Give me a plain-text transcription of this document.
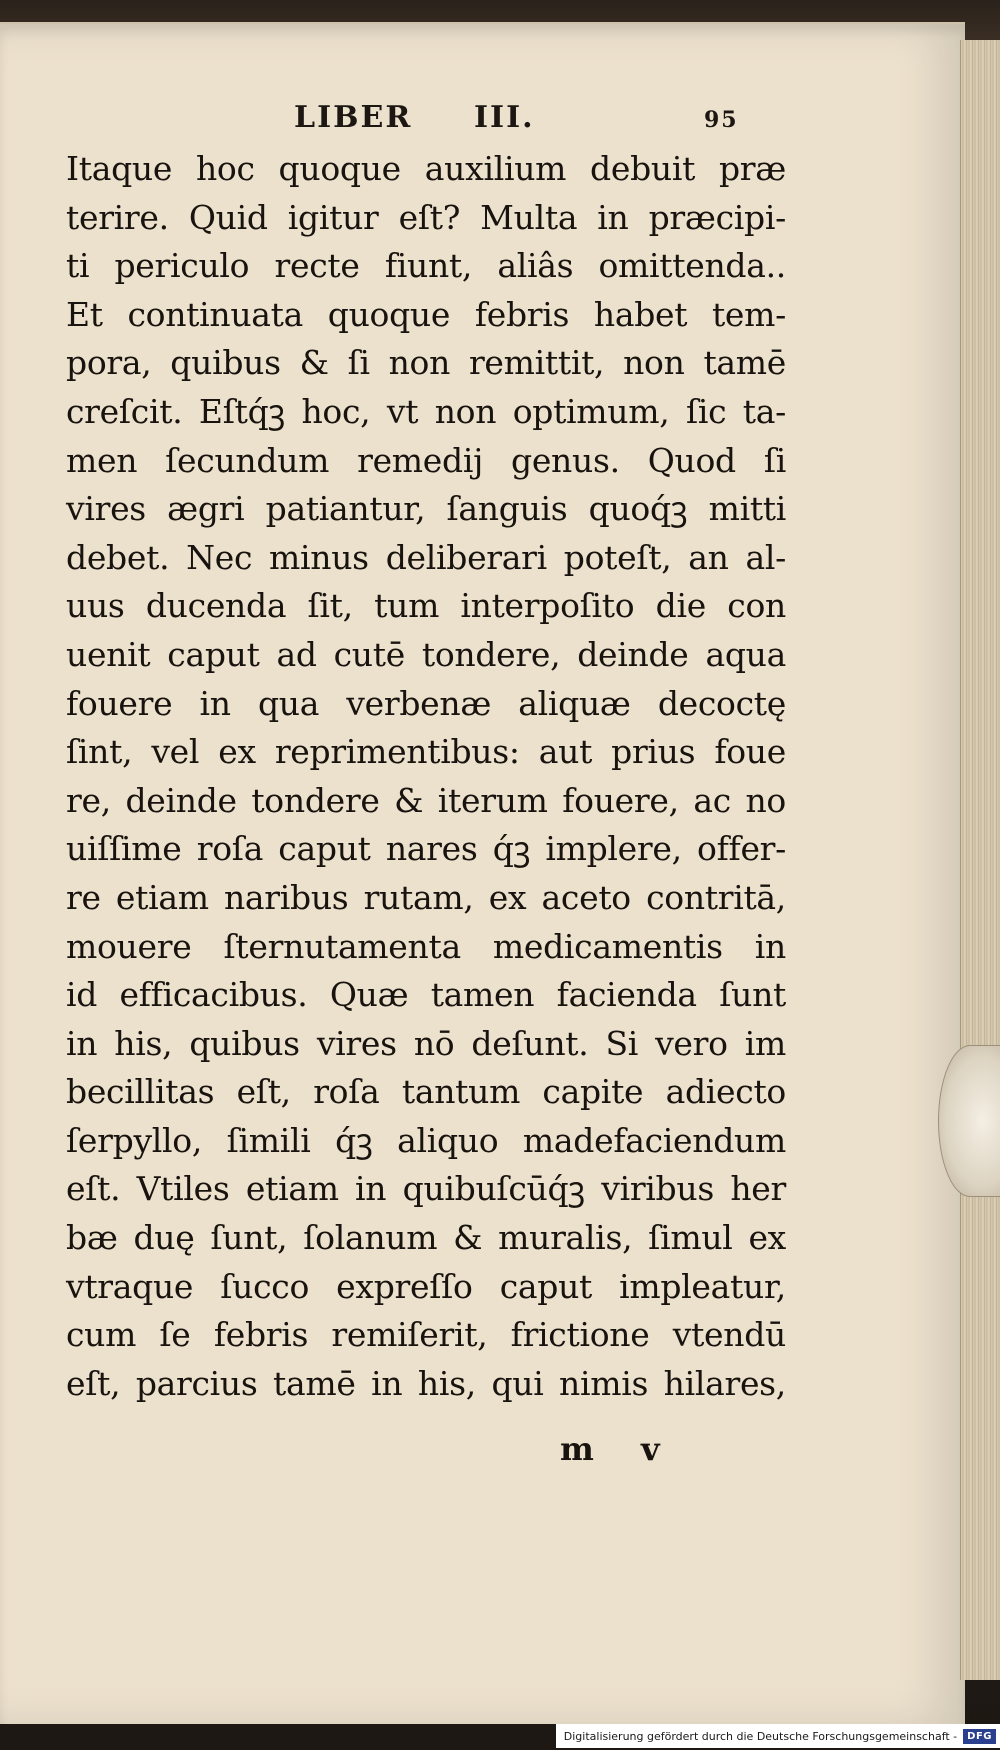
LIBER	III.	95
Itaque hoc quoque auxilium debuit præ
terire. Quid igitur eſt? Multa in præcipi-
ti periculo recte fiunt, aliâs omittenda..
Et continuata quoque febris habet tem-
pora, quibus & ſi non remittit, non tamē
creſcit. Eſtq́ꝫ hoc, vt non optimum, ſic ta-
men ſecundum remedij genus. Quod ſi
vires ægri patiantur, ſanguis quoq́ꝫ mitti
debet. Nec minus deliberari poteſt, an al-
uus ducenda ſit, tum interpoſito die con
uenit caput ad cutē tondere, deinde aqua
fouere in qua verbenæ aliquæ decoctę
ſint, vel ex reprimentibus: aut prius foue
re, deinde tondere & iterum fouere, ac no
uiſſime roſa caput nares q́ꝫ implere, offer-
re etiam naribus rutam, ex aceto contritā,
mouere ſternutamenta medicamentis in
id efficacibus. Quæ tamen facienda ſunt
in his, quibus vires nō deſunt. Si vero im
becillitas eſt, roſa tantum capite adiecto
ſerpyllo, ſimili q́ꝫ aliquo madefaciendum
eſt. Vtiles etiam in quibuſcūq́ꝫ viribus her
bæ duę ſunt, ſolanum & muralis, ſimul ex
vtraque ſucco expreſſo caput impleatur,
cum ſe febris remiſerit, frictione vtendū
eſt, parcius tamē in his, qui nimis hilares,
m v
Digitalisierung gefördert durch die Deutsche Forschungsgemeinschaft -	DFG
